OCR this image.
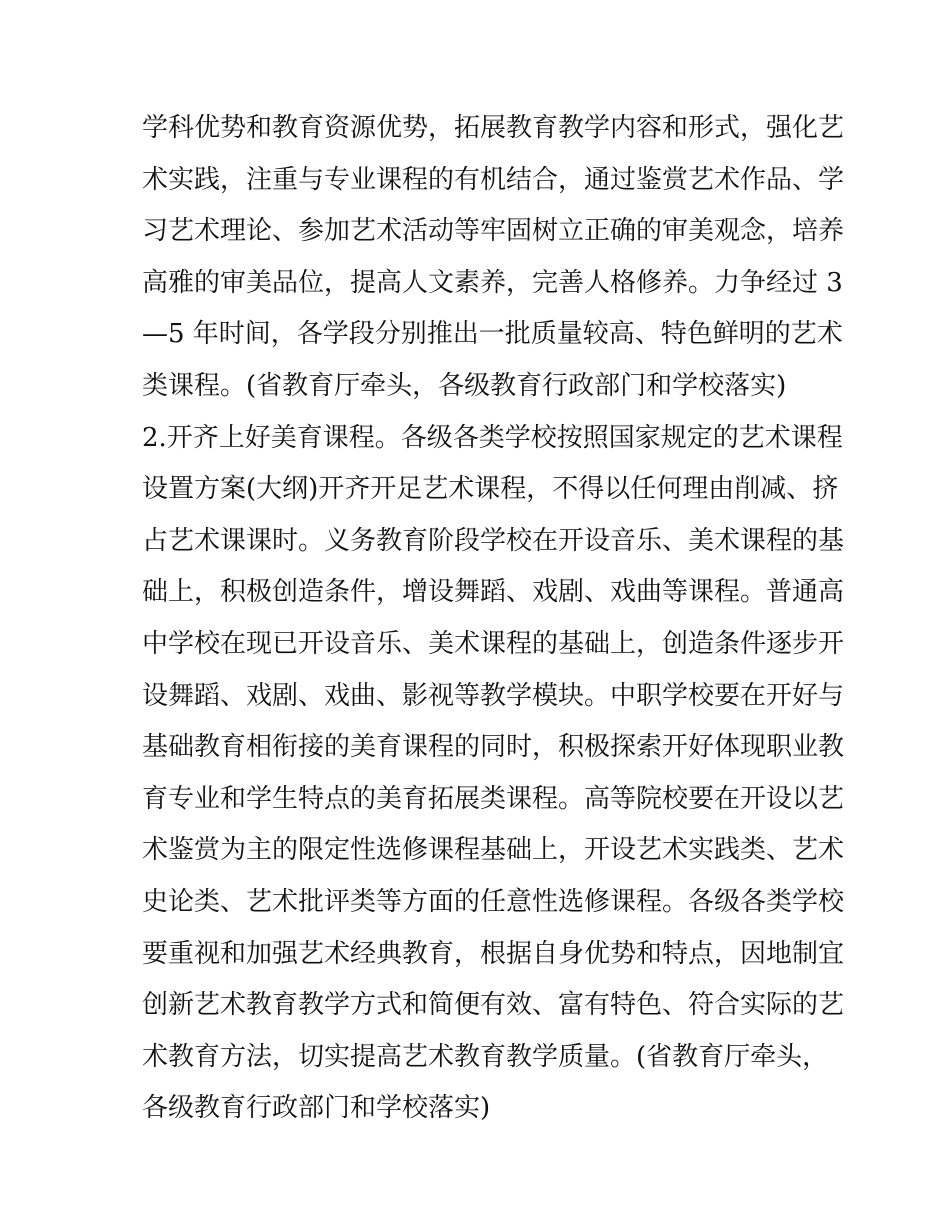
学科优势和教育资源优势，拓展教育教学内容和形式，强化艺
术实践，注重与专业课程的有机结合，通过鉴赏艺术作品、学
习艺术理论、参加艺术活动等牢固树立正确的审美观念，培养
高雅的审美品位，提高人文素养，完善人格修养。力争经过 3
—5 年时间，各学段分别推出一批质量较高、特色鲜明的艺术
类课程。(省教育厅牵头，各级教育行政部门和学校落实)
2.开齐上好美育课程。各级各类学校按照国家规定的艺术课程
设置方案(大纲)开齐开足艺术课程，不得以任何理由削减、挤
占艺术课课时。义务教育阶段学校在开设音乐、美术课程的基
础上，积极创造条件，增设舞蹈、戏剧、戏曲等课程。普通高
中学校在现已开设音乐、美术课程的基础上，创造条件逐步开
设舞蹈、戏剧、戏曲、影视等教学模块。中职学校要在开好与
基础教育相衔接的美育课程的同时，积极探索开好体现职业教
育专业和学生特点的美育拓展类课程。高等院校要在开设以艺
术鉴赏为主的限定性选修课程基础上，开设艺术实践类、艺术
史论类、艺术批评类等方面的任意性选修课程。各级各类学校
要重视和加强艺术经典教育，根据自身优势和特点，因地制宜
创新艺术教育教学方式和简便有效、富有特色、符合实际的艺
术教育方法，切实提高艺术教育教学质量。(省教育厅牵头，
各级教育行政部门和学校落实)
